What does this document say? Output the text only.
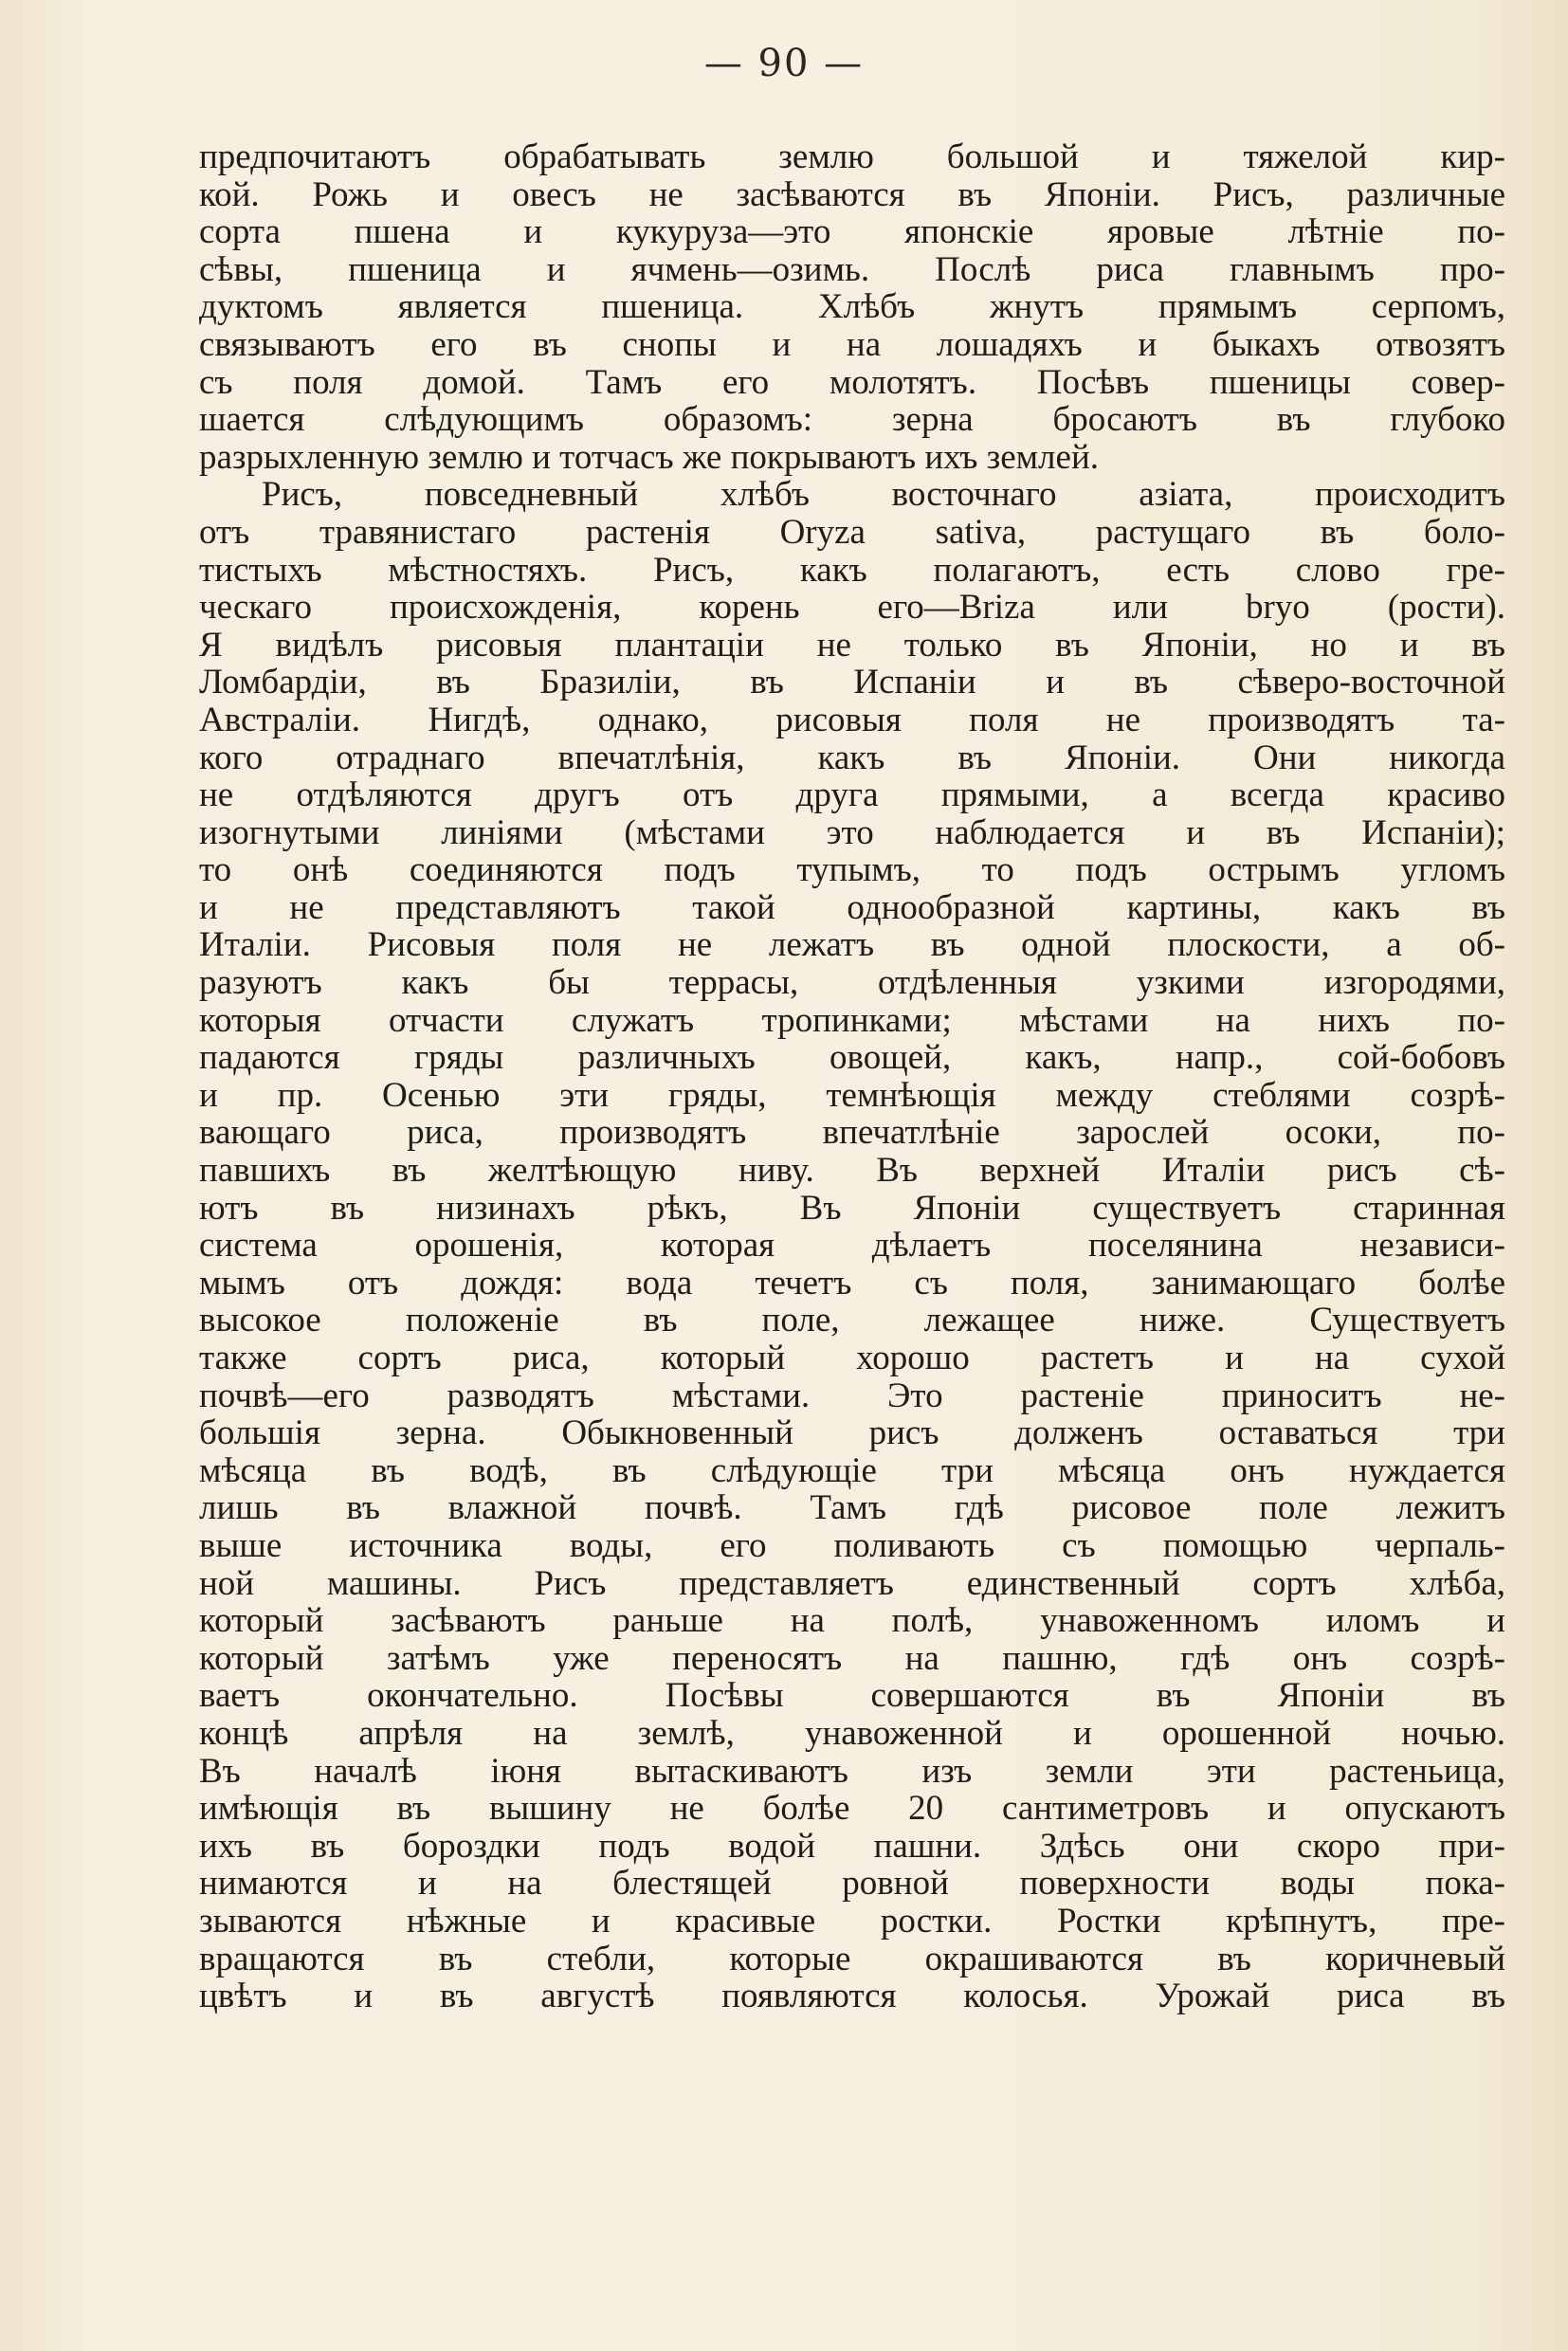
— 90 —
предпочитаютъ обрабатывать землю большой и тяжелой кир-
кой. Рожь и овесъ не засѣваются въ Японіи. Рисъ, различные
сорта пшена и кукуруза—это японскіе яровые лѣтніе по-
сѣвы, пшеница и ячмень—озимь. Послѣ риса главнымъ про-
дуктомъ является пшеница. Хлѣбъ жнутъ прямымъ серпомъ,
связываютъ его въ снопы и на лошадяхъ и быкахъ отвозятъ
съ поля домой. Тамъ его молотятъ. Посѣвъ пшеницы совер-
шается слѣдующимъ образомъ: зерна бросаютъ въ глубоко
разрыхленную землю и тотчасъ же покрываютъ ихъ землей.
Рисъ, повседневный хлѣбъ восточнаго азіата, происходитъ
отъ травянистаго растенія Oryza sativa, растущаго въ боло-
тистыхъ мѣстностяхъ. Рисъ, какъ полагаютъ, есть слово гре-
ческаго происхожденія, корень его—Briza или bryo (рости).
Я видѣлъ рисовыя плантаціи не только въ Японіи, но и въ
Ломбардіи, въ Бразиліи, въ Испаніи и въ сѣверо-восточной
Австраліи. Нигдѣ, однако, рисовыя поля не производятъ та-
кого отраднаго впечатлѣнія, какъ въ Японіи. Они никогда
не отдѣляются другъ отъ друга прямыми, а всегда красиво
изогнутыми линіями (мѣстами это наблюдается и въ Испаніи);
то онѣ соединяются подъ тупымъ, то подъ острымъ угломъ
и не представляютъ такой однообразной картины, какъ въ
Италіи. Рисовыя поля не лежатъ въ одной плоскости, а об-
разуютъ какъ бы террасы, отдѣленныя узкими изгородями,
которыя отчасти служатъ тропинками; мѣстами на нихъ по-
падаются гряды различныхъ овощей, какъ, напр., сой-бобовъ
и пр. Осенью эти гряды, темнѣющія между стеблями созрѣ-
вающаго риса, производятъ впечатлѣніе зарослей осоки, по-
павшихъ въ желтѣющую ниву. Въ верхней Италіи рисъ сѣ-
ютъ въ низинахъ рѣкъ, Въ Японіи существуетъ старинная
система орошенія, которая дѣлаетъ поселянина независи-
мымъ отъ дождя: вода течетъ съ поля, занимающаго болѣе
высокое положеніе въ поле, лежащее ниже. Существуетъ
также сортъ риса, который хорошо растетъ и на сухой
почвѣ—его разводятъ мѣстами. Это растеніе приноситъ не-
большія зерна. Обыкновенный рисъ долженъ оставаться три
мѣсяца въ водѣ, въ слѣдующіе три мѣсяца онъ нуждается
лишь въ влажной почвѣ. Тамъ гдѣ рисовое поле лежитъ
выше источника воды, его поливають съ помощью черпаль-
ной машины. Рисъ представляетъ единственный сортъ хлѣба,
который засѣваютъ раньше на полѣ, унавоженномъ иломъ и
который затѣмъ уже переносятъ на пашню, гдѣ онъ созрѣ-
ваетъ окончательно. Посѣвы совершаются въ Японіи въ
концѣ апрѣля на землѣ, унавоженной и орошенной ночью.
Въ началѣ іюня вытаскиваютъ изъ земли эти растеньица,
имѣющія въ вышину не болѣе 20 сантиметровъ и опускаютъ
ихъ въ бороздки подъ водой пашни. Здѣсь они скоро при-
нимаются и на блестящей ровной поверхности воды пока-
зываются нѣжные и красивые ростки. Ростки крѣпнутъ, пре-
вращаются въ стебли, которые окрашиваются въ коричневый
цвѣтъ и въ августѣ появляются колосья. Урожай риса въ
